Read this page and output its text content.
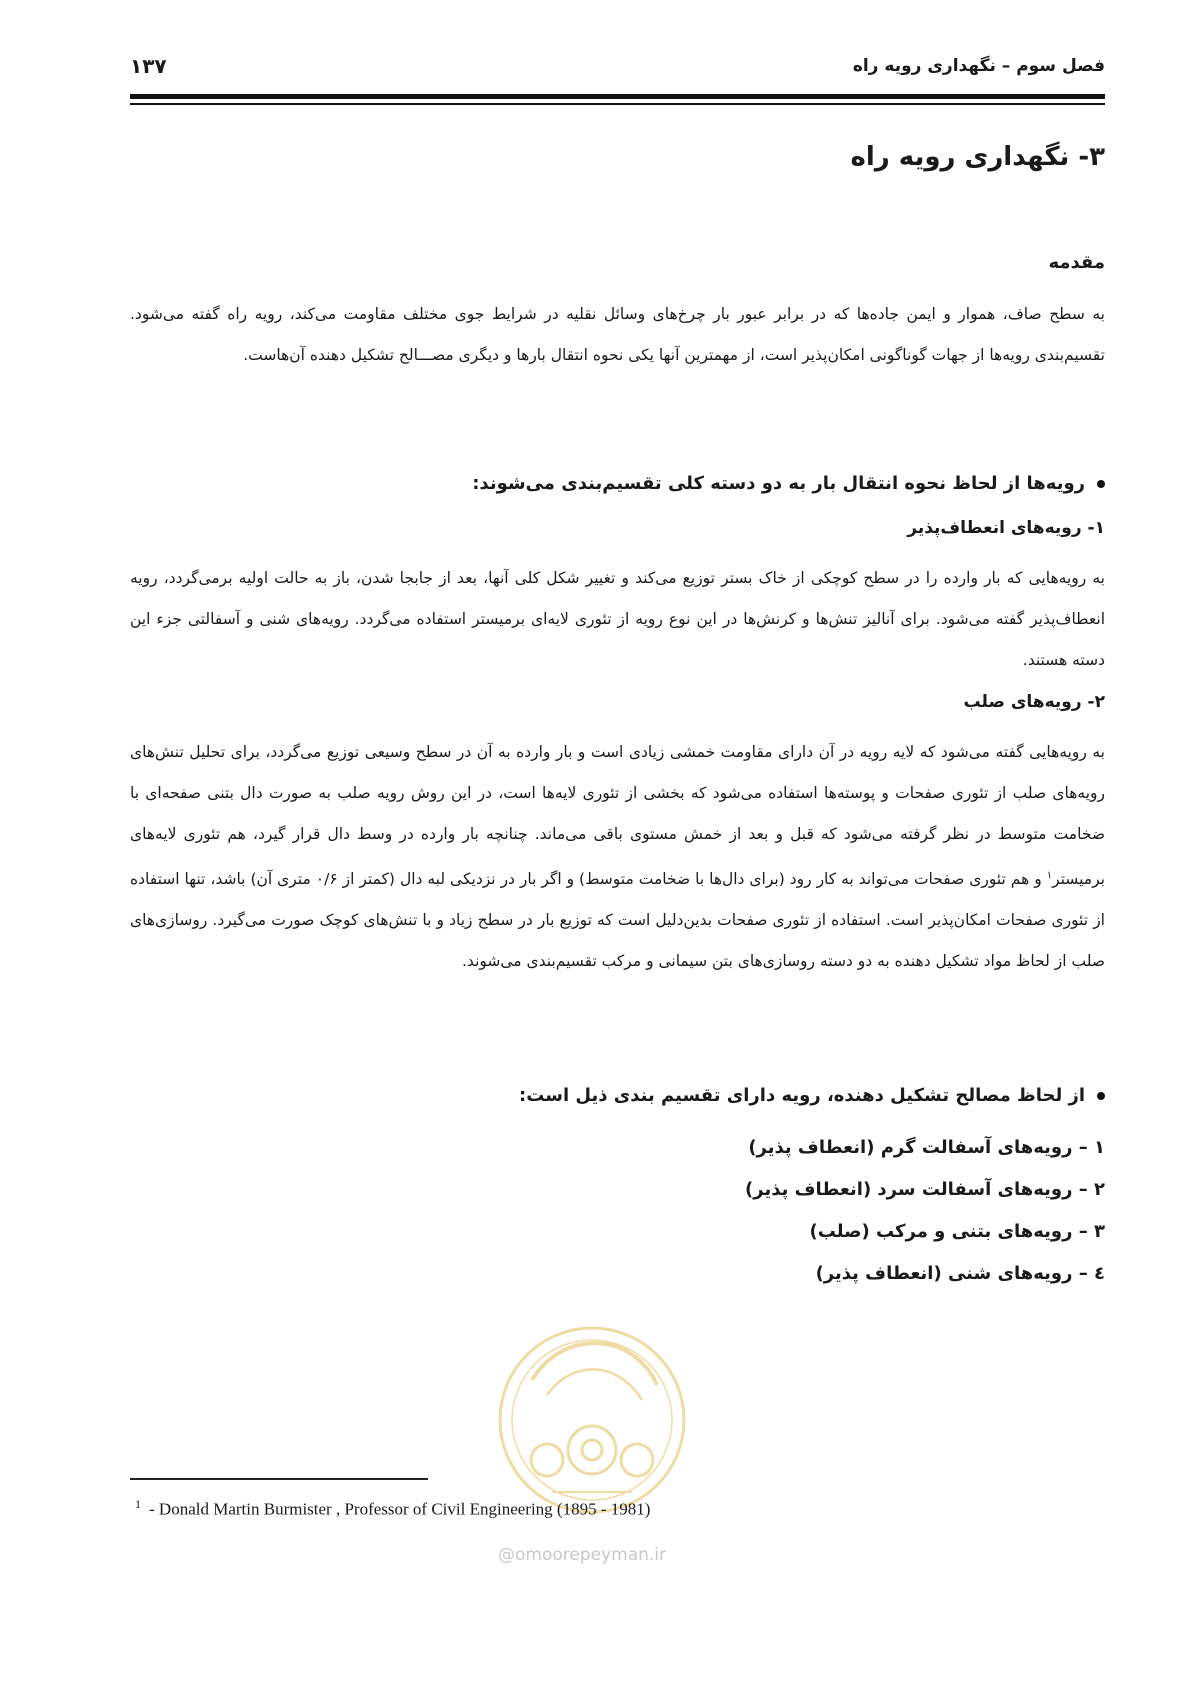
فصل سوم – نگهداری رویه راه
۱۳۷
۳- نگهداری رویه راه
مقدمه
به سطح صاف، هموار و ایمن جاده‌ها که در برابر عبور بار چرخ‌های وسائل نقلیه در شرایط جوی مختلف مقاومت می‌کند، رویه راه گفته می‌شود. تقسیم‌بندی رویه‌ها از جهات گوناگونی امکان‌پذیر است، از مهمترین آنها یکی نحوه انتقال بارها و دیگری مصـــالح تشکیل دهنده آن‌هاست.
رویه‌ها از لحاظ نحوه انتقال بار به دو دسته کلی تقسیم‌بندی می‌شوند:
۱- رویه‌های انعطاف‌پذیر
به رویه‌هایی که بار وارده را در سطح کوچکی از خاک بستر توزیع می‌کند و تغییر شکل کلی آنها، بعد از جابجا شدن، باز به حالت اولیه برمی‌گردد، رویه انعطاف‌پذیر گفته می‌شود. برای آنالیز تنش‌ها و کرنش‌ها در این نوع رویه از تئوری لایه‌ای برمیستر استفاده می‌گردد. رویه‌های شنی و آسفالتی جزء این دسته هستند.
۲- رویه‌های صلب
به رویه‌هایی گفته می‌شود که لایه رویه در آن دارای مقاومت خمشی زیادی است و بار وارده به آن در سطح وسیعی توزیع می‌گردد، برای تحلیل تنش‌های رویه‌های صلب از تئوری صفحات و پوسته‌ها استفاده می‌شود که بخشی از تئوری لایه‌ها است، در این روش رویه صلب به صورت دال بتنی صفحه‌ای با ضخامت متوسط در نظر گرفته می‌شود که قبل و بعد از خمش مستوی باقی می‌ماند. چنانچه بار وارده در وسط دال قرار گیرد، هم تئوری لایه‌های برمیستر$^۱$ و هم تئوری صفحات می‌تواند به کار رود (برای دال‌ها با ضخامت متوسط) و اگر بار در نزدیکی لبه دال (کمتر از ۰/۶ متری آن) باشد، تنها استفاده از تئوری صفحات امکان‌پذیر است. استفاده از تئوری صفحات بدین‌دلیل است که توزیع بار در سطح زیاد و با تنش‌های کوچک صورت می‌گیرد. روسازی‌های صلب از لحاظ مواد تشکیل دهنده به دو دسته روسازی‌های بتن سیمانی و مرکب تقسیم‌بندی می‌شوند.
از لحاظ مصالح تشکیل دهنده، رویه دارای تقسیم بندی ذیل است:
۱ – رویه‌های آسفالت گرم (انعطاف پذیر)
۲ – رویه‌های آسفالت سرد (انعطاف پذیر)
۳ – رویه‌های بتنی و مرکب (صلب)
٤ – رویه‌های شنی (انعطاف پذیر)
$^1$ - Donald Martin Burmister , Professor of Civil Engineering (1895 - 1981)
@omoorepeyman.ir
